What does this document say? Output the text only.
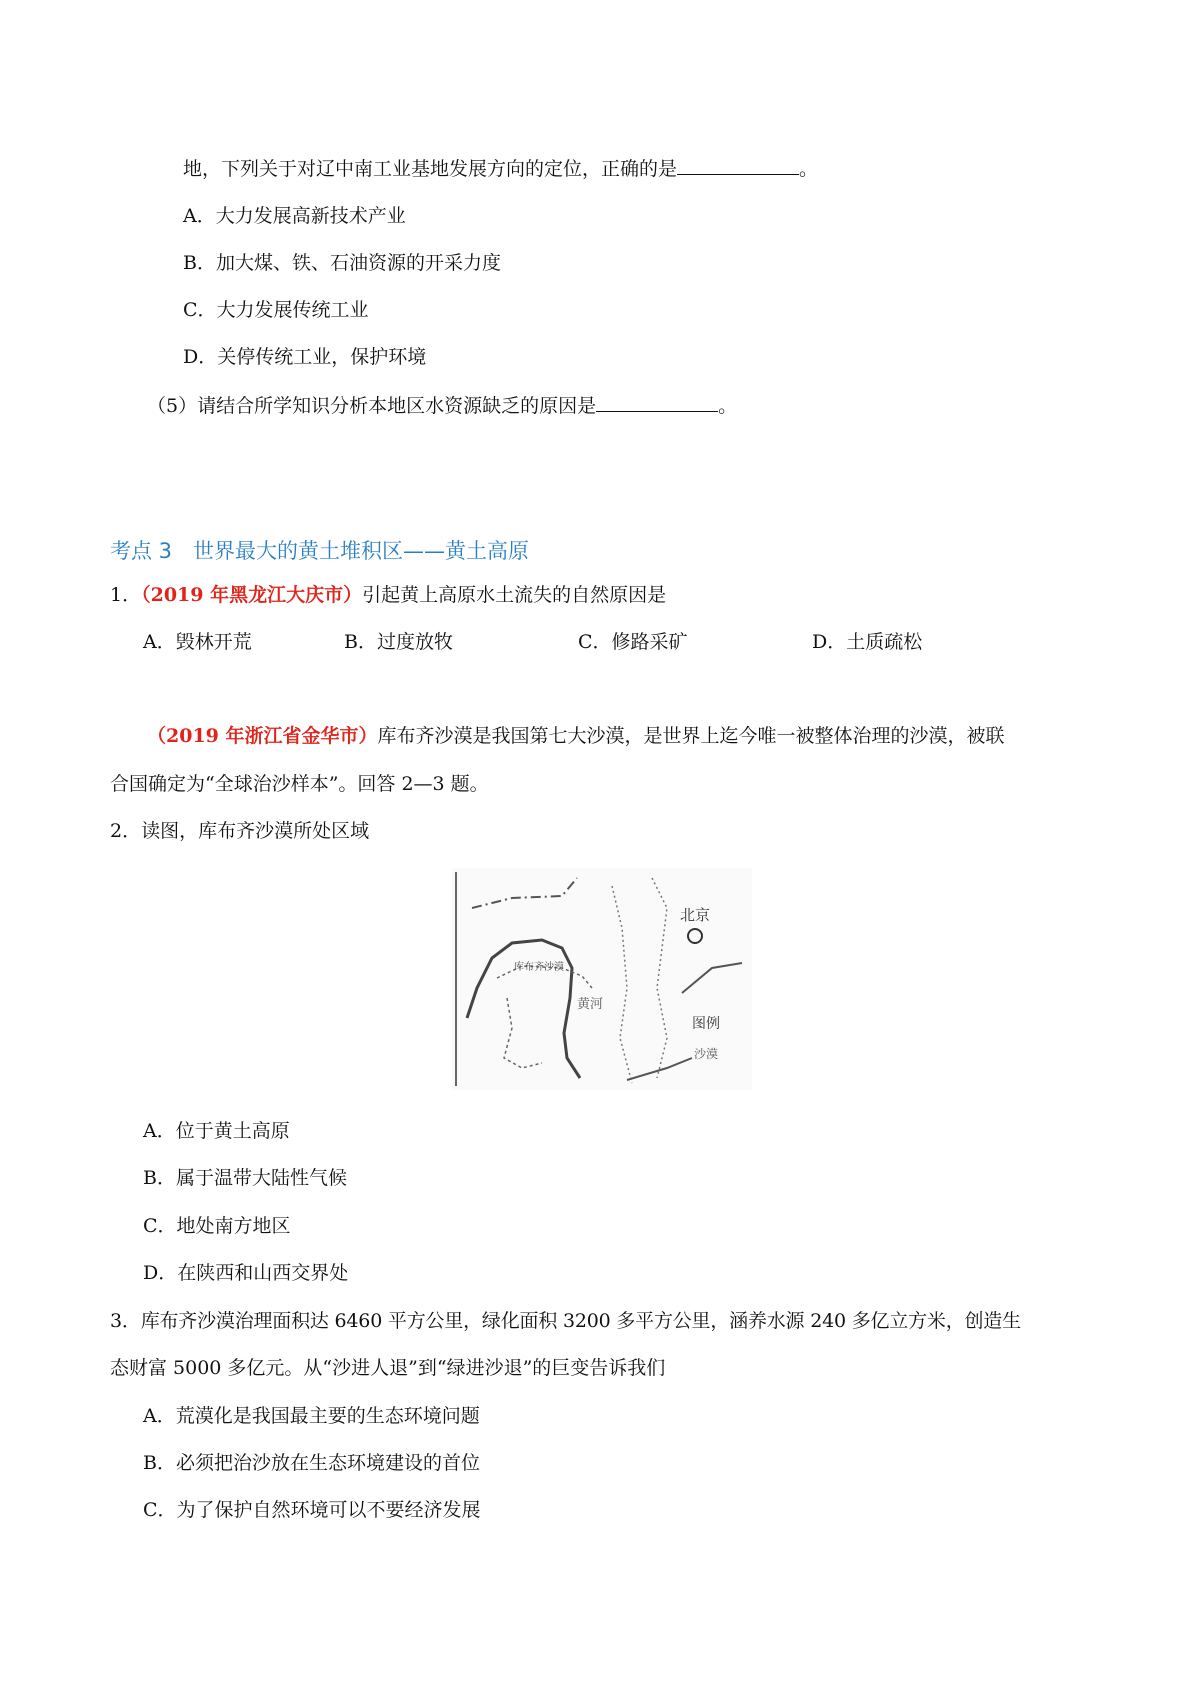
地，下列关于对辽中南工业基地发展方向的定位，正确的是	。
A．大力发展高新技术产业
B．加大煤、铁、石油资源的开采力度
C．大力发展传统工业
D．关停传统工业，保护环境
（5）请结合所学知识分析本地区水资源缺乏的原因是	。
考点 3　世界最大的黄土堆积区——黄土高原
1．（2019 年黑龙江大庆市）引起黄上高原水土流失的自然原因是
A．毁林开荒	B．过度放牧	C．修路采矿	D．土质疏松
（2019 年浙江省金华市）库布齐沙漠是我国第七大沙漠，是世界上迄今唯一被整体治理的沙漠，被联
合国确定为“全球治沙样本”。回答 2—3 题。
2．读图，库布齐沙漠所处区域
北京
库布齐沙漠
黄河
图例
沙漠
A．位于黄土高原
B．属于温带大陆性气候
C．地处南方地区
D．在陕西和山西交界处
3．库布齐沙漠治理面积达 6460 平方公里，绿化面积 3200 多平方公里，涵养水源 240 多亿立方米，创造生
态财富 5000 多亿元。从“沙进人退”到“绿进沙退”的巨变告诉我们
A．荒漠化是我国最主要的生态环境问题
B．必须把治沙放在生态环境建设的首位
C．为了保护自然环境可以不要经济发展
